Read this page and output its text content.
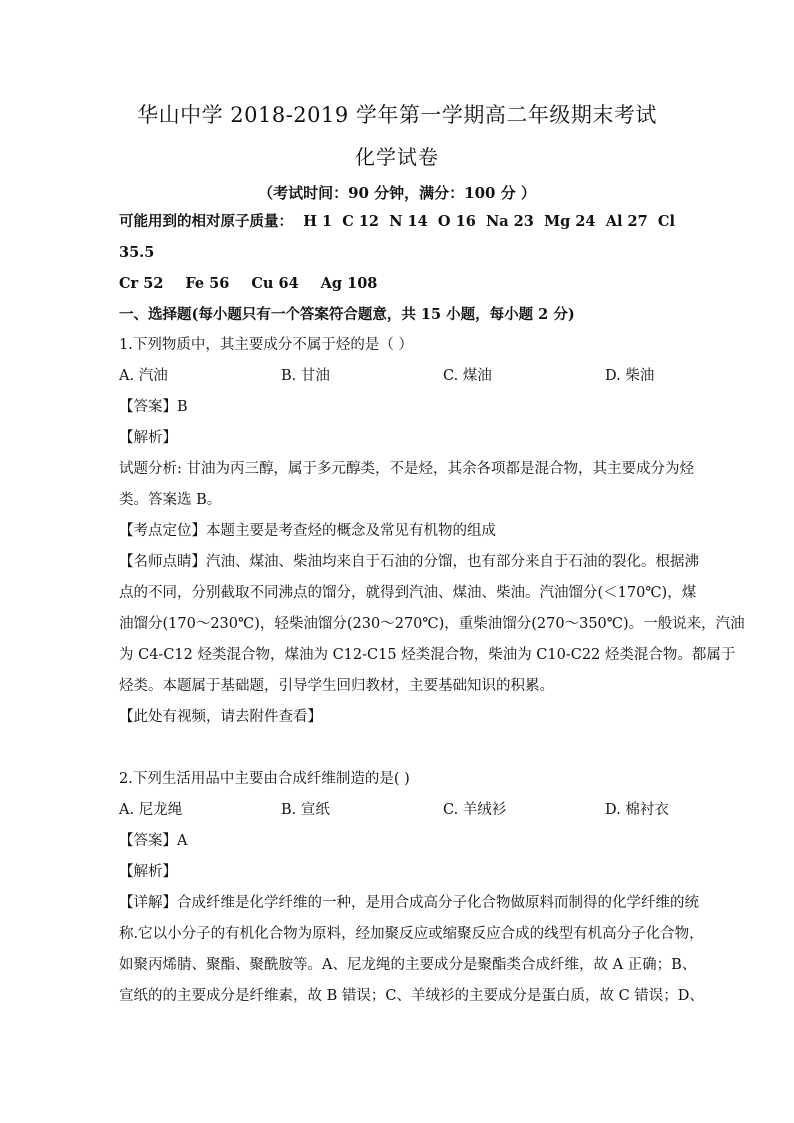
华山中学 2018-2019 学年第一学期高二年级期末考试
化学试卷
（考试时间：90 分钟，满分：100 分 ）
可能用到的相对原子质量： H 1 C 12 N 14 O 16 Na 23 Mg 24 Al 27 Cl
35.5
Cr 52 Fe 56 Cu 64 Ag 108
一、选择题(每小题只有一个答案符合题意，共 15 小题，每小题 2 分)
1.下列物质中，其主要成分不属于烃的是（ ）
A. 汽油	B. 甘油	C. 煤油	D. 柴油
【答案】B
【解析】
试题分析: 甘油为丙三醇，属于多元醇类，不是烃，其余各项都是混合物，其主要成分为烃
类。答案选 B。
【考点定位】本题主要是考查烃的概念及常见有机物的组成
【名师点睛】汽油、煤油、柴油均来自于石油的分馏，也有部分来自于石油的裂化。根据沸
点的不同，分别截取不同沸点的馏分，就得到汽油、煤油、柴油。汽油馏分(＜170℃)，煤
油馏分(170～230℃)，轻柴油馏分(230～270℃)，重柴油馏分(270～350℃)。一般说来，汽油
为 C4-C12 烃类混合物，煤油为 C12-C15 烃类混合物，柴油为 C10-C22 烃类混合物。都属于
烃类。本题属于基础题，引导学生回归教材，主要基础知识的积累。
【此处有视频，请去附件查看】
2.下列生活用品中主要由合成纤维制造的是( )
A. 尼龙绳	B. 宣纸	C. 羊绒衫	D. 棉衬衣
【答案】A
【解析】
【详解】合成纤维是化学纤维的一种，是用合成高分子化合物做原料而制得的化学纤维的统
称.它以小分子的有机化合物为原料，经加聚反应或缩聚反应合成的线型有机高分子化合物，
如聚丙烯腈、聚酯、聚酰胺等。A、尼龙绳的主要成分是聚酯类合成纤维，故 A 正确；B、
宣纸的的主要成分是纤维素，故 B 错误；C、羊绒衫的主要成分是蛋白质，故 C 错误；D、
